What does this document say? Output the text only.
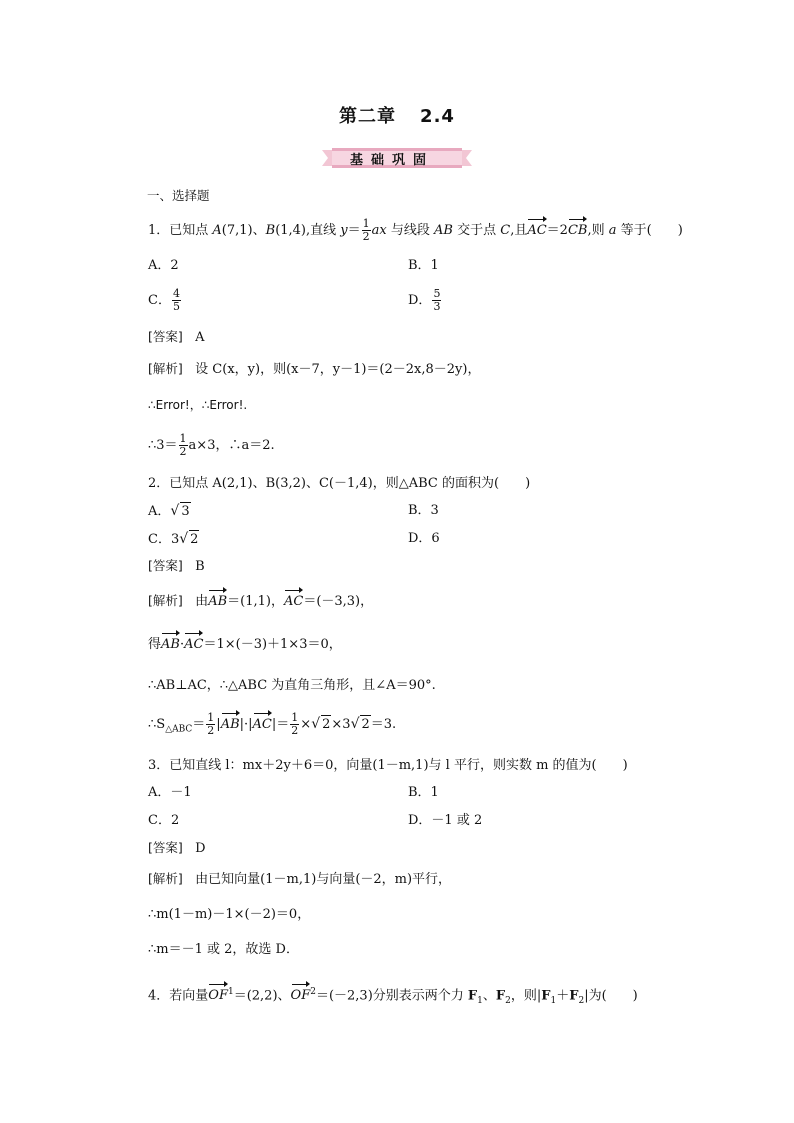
第二章 2.4
基础巩固
一、选择题
1．已知点 A(7,1)、B(1,4),直线 $y= \frac{1}{2}$ ax 与线段 AB 交于点 C,且AC＝2CB,则 a 等于(　　)
A．2	B．1
C． $\frac{4}{5}$	D． $\frac{5}{3}$
[答案] A
[解析] 设 C(x，y)，则(x－7，y－1)＝(2－2x,8－2y)，
∴Error!，∴Error!.
∴3＝ $\frac{1}{2} a\times 3$，∴a＝2.
2．已知点 A(2,1)、B(3,2)、C(－1,4)，则△ABC 的面积为(　　)
A．√ 3	B．3
C．3√ 2	D．6
[答案] B
[解析] 由AB＝(1,1)，AC＝(－3,3)，
得AB·AC＝1×(－3)＋1×3＝0，
∴AB⊥AC，∴△ABC 为直角三角形，且∠A＝90°.
$\therefore S_{\triangle ABC}= \frac{1}{2} |AB|\cdot|AC|= \frac{1}{2}$ ×√ 2×3√ 2＝3.
3．已知直线 l：mx＋2y＋6＝0，向量(1－m,1)与 l 平行，则实数 m 的值为(　　)
A．－1	B．1
C．2	D．－1 或 2
[答案] D
[解析] 由已知向量(1－m,1)与向量(－2，m)平行，
∴m(1－m)－1×(－2)＝0，
∴m＝－1 或 2，故选 D．
4．若向量$OF^1=(2,2)$、$OF^2=(-2,3)$分别表示两个力 $F_1$、$F_2$，则$|F_1+F_2|$为(　　)
